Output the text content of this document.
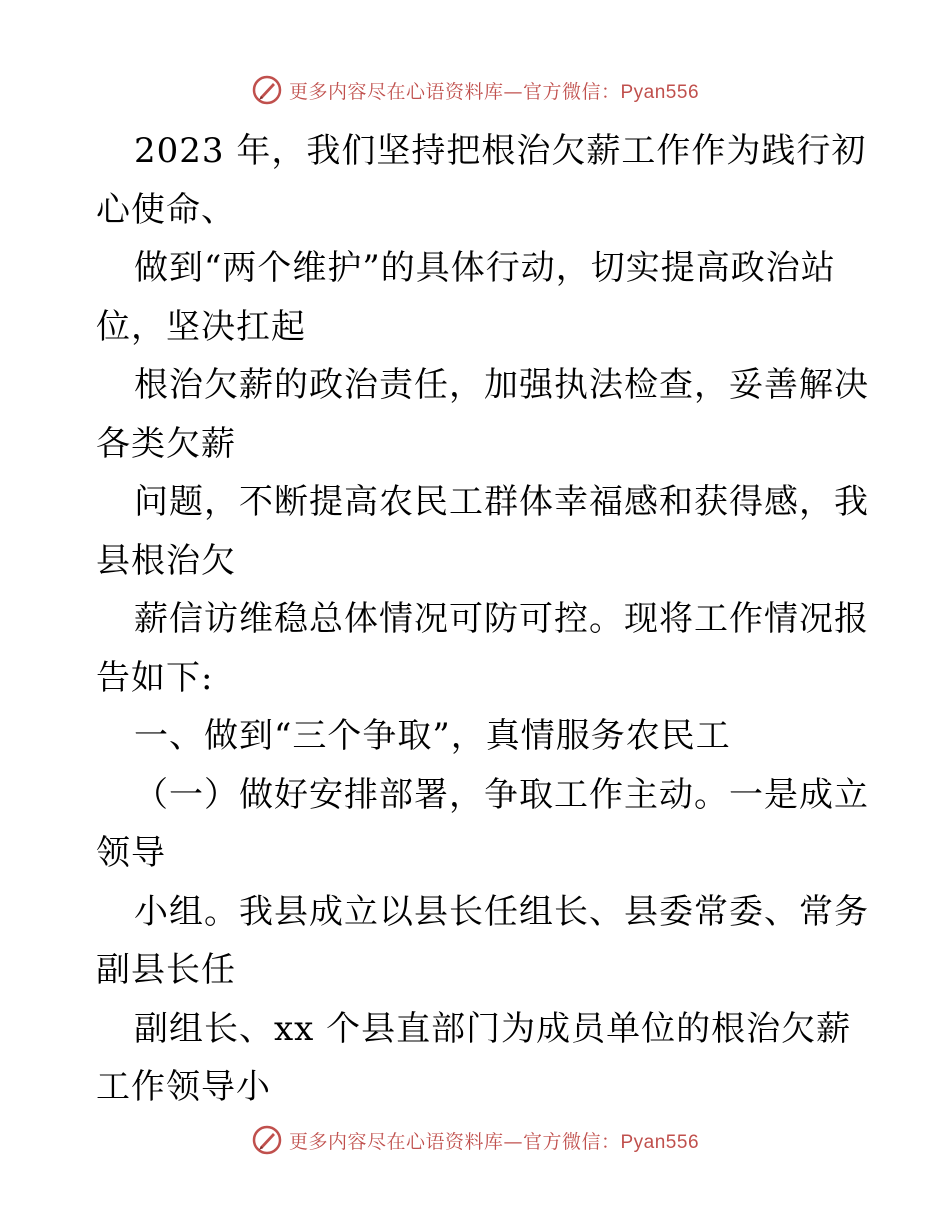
更多内容尽在心语资料库—官方微信：Pyan556
2023 年，我们坚持把根治欠薪工作作为践行初
心使命、
做到“两个维护”的具体行动，切实提高政治站
位，坚决扛起
根治欠薪的政治责任，加强执法检查，妥善解决
各类欠薪
问题，不断提高农民工群体幸福感和获得感，我
县根治欠
薪信访维稳总体情况可防可控。现将工作情况报
告如下:
一、做到“三个争取”，真情服务农民工
（一）做好安排部署，争取工作主动。一是成立
领导
小组。我县成立以县长任组长、县委常委、常务
副县长任
副组长、xx 个县直部门为成员单位的根治欠薪
工作领导小
更多内容尽在心语资料库—官方微信：Pyan556
